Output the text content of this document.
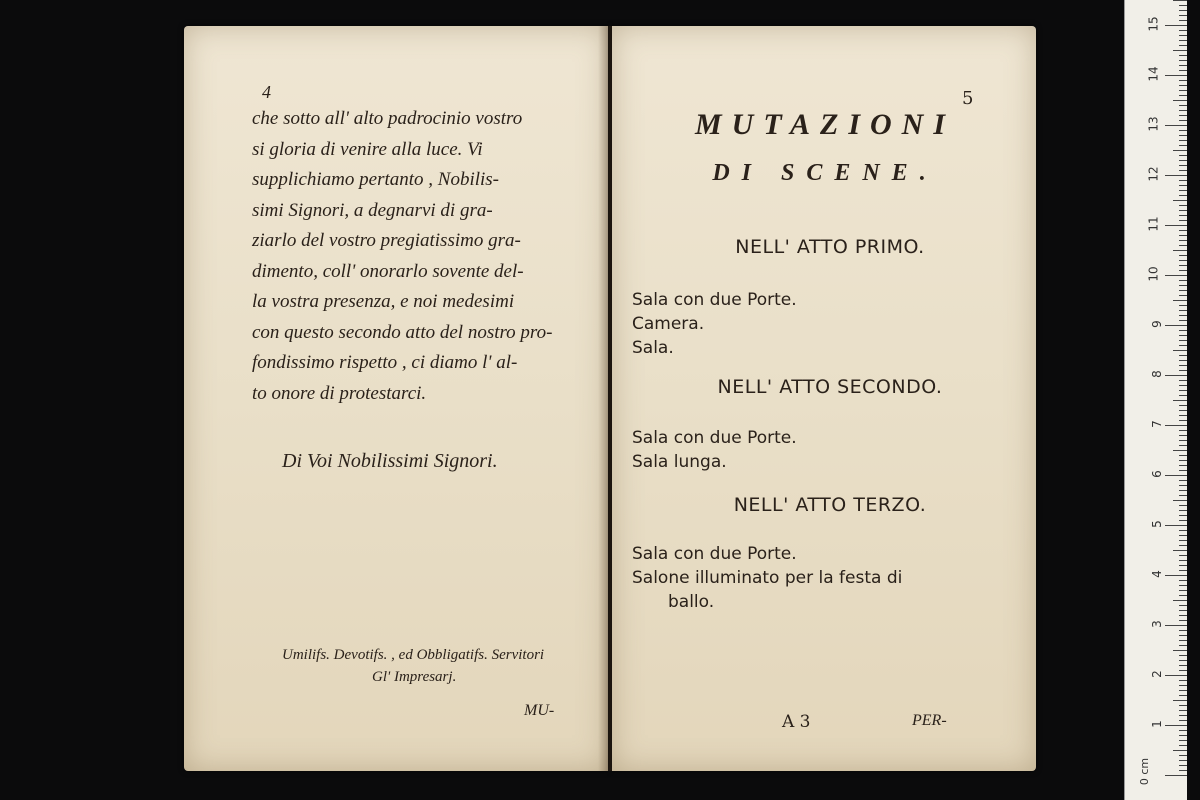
4
che sotto all' alto padrocinio vostro
si gloria di venire alla luce. Vi
supplichiamo pertanto , Nobilis-
simi Signori, a degnarvi di gra-
ziarlo del vostro pregiatissimo gra-
dimento, coll' onorarlo sovente del-
la vostra presenza, e noi medesimi
con questo secondo atto del nostro pro-
fondissimo rispetto , ci diamo l' al-
to onore di protestarci.
Di Voi Nobilissimi Signori.
Umilifs. Devotifs. , ed Obbligatifs. Servitori
Gl' Impresarj.
MU-
5
MUTAZIONI
DI SCENE.
NELL' ATTO PRIMO.
Sala con due Porte.
Camera.
Sala.
NELL' ATTO SECONDO.
Sala con due Porte.
Sala lunga.
NELL' ATTO TERZO.
Sala con due Porte.
Salone illuminato per la festa di
ballo.
A 3	PER-
0 cm
1
2
3
4
5
6
7
8
9
10
11
12
13
14
15
